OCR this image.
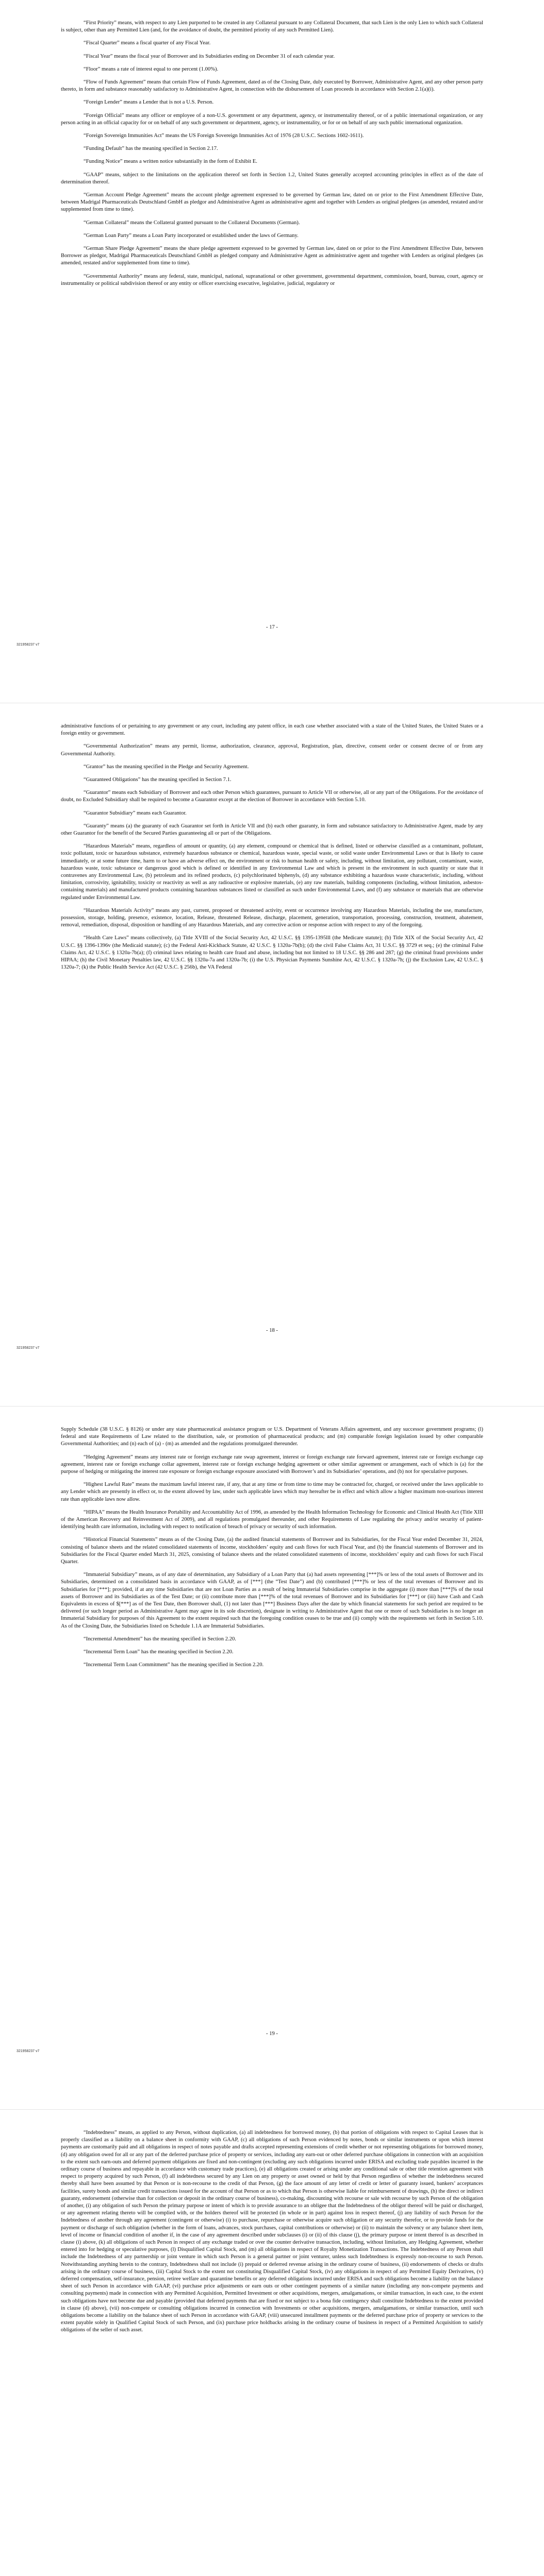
“First Priority” means, with respect to any Lien purported to be created in any Collateral pursuant to any Collateral Document, that such Lien is the only Lien to which such Collateral is subject, other than any Permitted Lien (and, for the avoidance of doubt, the permitted priority of any such Permitted Lien).

“Fiscal Quarter” means a fiscal quarter of any Fiscal Year.

“Fiscal Year” means the fiscal year of Borrower and its Subsidiaries ending on December 31 of each calendar year.

“Floor” means a rate of interest equal to one percent (1.00%).

“Flow of Funds Agreement” means that certain Flow of Funds Agreement, dated as of the Closing Date, duly executed by Borrower, Administrative Agent, and any other person party thereto, in form and substance reasonably satisfactory to Administrative Agent, in connection with the disbursement of Loan proceeds in accordance with Section 2.1(a)(i).

“Foreign Lender” means a Lender that is not a U.S. Person.

“Foreign Official” means any officer or employee of a non-U.S. government or any department, agency, or instrumentality thereof, or of a public international organization, or any person acting in an official capacity for or on behalf of any such government or department, agency, or instrumentality, or for or on behalf of any such public international organization.

“Foreign Sovereign Immunities Act” means the US Foreign Sovereign Immunities Act of 1976 (28 U.S.C. Sections 1602-1611).

“Funding Default” has the meaning specified in Section 2.17.

“Funding Notice” means a written notice substantially in the form of Exhibit E.

“GAAP” means, subject to the limitations on the application thereof set forth in Section 1.2, United States generally accepted accounting principles in effect as of the date of determination thereof.

“German Account Pledge Agreement” means the account pledge agreement expressed to be governed by German law, dated on or prior to the First Amendment Effective Date, between Madrigal Pharmaceuticals Deutschland GmbH as pledgor and Administrative Agent as administrative agent and together with Lenders as original pledgees (as amended, restated and/or supplemented from time to time).

“German Collateral” means the Collateral granted pursuant to the Collateral Documents (German).

“German Loan Party” means a Loan Party incorporated or established under the laws of Germany.

“German Share Pledge Agreement” means the share pledge agreement expressed to be governed by German law, dated on or prior to the First Amendment Effective Date, between Borrower as pledgor, Madrigal Pharmaceuticals Deutschland GmbH as pledged company and Administrative Agent as administrative agent and together with Lenders as original pledgees (as amended, restated and/or supplemented from time to time).

“Governmental Authority” means any federal, state, municipal, national, supranational or other government, governmental department, commission, board, bureau, court, agency or instrumentality or political subdivision thereof or any entity or officer exercising executive, legislative, judicial, regulatory or

- 17 -
321958237 v7

administrative functions of or pertaining to any government or any court, including any patent office, in each case whether associated with a state of the United States, the United States or a foreign entity or government.

“Governmental Authorization” means any permit, license, authorization, clearance, approval, Registration, plan, directive, consent order or consent decree of or from any Governmental Authority.

“Grantor” has the meaning specified in the Pledge and Security Agreement.

“Guaranteed Obligations” has the meaning specified in Section 7.1.

“Guarantor” means each Subsidiary of Borrower and each other Person which guarantees, pursuant to Article VII or otherwise, all or any part of the Obligations. For the avoidance of doubt, no Excluded Subsidiary shall be required to become a Guarantor except at the election of Borrower in accordance with Section 5.10.

“Guarantor Subsidiary” means each Guarantor.

“Guaranty” means (a) the guaranty of each Guarantor set forth in Article VII and (b) each other guaranty, in form and substance satisfactory to Administrative Agent, made by any other Guarantor for the benefit of the Secured Parties guaranteeing all or part of the Obligations.

“Hazardous Materials” means, regardless of amount or quantity, (a) any element, compound or chemical that is defined, listed or otherwise classified as a contaminant, pollutant, toxic pollutant, toxic or hazardous substance, extremely hazardous substance or chemical, hazardous waste, special waste, or solid waste under Environmental Laws or that is likely to cause immediately, or at some future time, harm to or have an adverse effect on, the environment or risk to human health or safety, including, without limitation, any pollutant, contaminant, waste, hazardous waste, toxic substance or dangerous good which is defined or identified in any Environmental Law and which is present in the environment in such quantity or state that it contravenes any Environmental Law, (b) petroleum and its refined products, (c) polychlorinated biphenyls, (d) any substance exhibiting a hazardous waste characteristic, including, without limitation, corrosivity, ignitability, toxicity or reactivity as well as any radioactive or explosive materials, (e) any raw materials, building components (including, without limitation, asbestos-containing materials) and manufactured products containing hazardous substances listed or classified as such under Environmental Laws, and (f) any substance or materials that are otherwise regulated under Environmental Law.

“Hazardous Materials Activity” means any past, current, proposed or threatened activity, event or occurrence involving any Hazardous Materials, including the use, manufacture, possession, storage, holding, presence, existence, location, Release, threatened Release, discharge, placement, generation, transportation, processing, construction, treatment, abatement, removal, remediation, disposal, disposition or handling of any Hazardous Materials, and any corrective action or response action with respect to any of the foregoing.

“Health Care Laws” means collectively, (a) Title XVIII of the Social Security Act, 42 U.S.C. §§ 1395-1395lll (the Medicare statute); (b) Title XIX of the Social Security Act, 42 U.S.C. §§ 1396-1396v (the Medicaid statute); (c) the Federal Anti-Kickback Statute, 42 U.S.C. § 1320a-7b(b); (d) the civil False Claims Act, 31 U.S.C. §§ 3729 et seq.; (e) the criminal False Claims Act, 42 U.S.C. § 1320a-7b(a); (f) criminal laws relating to health care fraud and abuse, including but not limited to 18 U.S.C. §§ 286 and 287; (g) the criminal fraud provisions under HIPAA; (h) the Civil Monetary Penalties law, 42 U.S.C. §§ 1320a-7a and 1320a-7b; (i) the U.S. Physician Payments Sunshine Act, 42 U.S.C. § 1320a-7h; (j) the Exclusion Law, 42 U.S.C. § 1320a-7; (k) the Public Health Service Act (42 U.S.C. § 256b), the VA Federal

- 18 -
321958237 v7

Supply Schedule (38 U.S.C. § 8126) or under any state pharmaceutical assistance program or U.S. Department of Veterans Affairs agreement, and any successor government programs; (l) federal and state Requirements of Law related to the distribution, sale, or promotion of pharmaceutical products; and (m) comparable foreign legislation issued by other comparable Governmental Authorities; and (n) each of (a) - (m) as amended and the regulations promulgated thereunder.

“Hedging Agreement” means any interest rate or foreign exchange rate swap agreement, interest or foreign exchange rate forward agreement, interest rate or foreign exchange cap agreement, interest rate or foreign exchange collar agreement, interest rate or foreign exchange hedging agreement or other similar agreement or arrangement, each of which is (a) for the purpose of hedging or mitigating the interest rate exposure or foreign exchange exposure associated with Borrower’s and its Subsidiaries’ operations, and (b) not for speculative purposes.

“Highest Lawful Rate” means the maximum lawful interest rate, if any, that at any time or from time to time may be contracted for, charged, or received under the laws applicable to any Lender which are presently in effect or, to the extent allowed by law, under such applicable laws which may hereafter be in effect and which allow a higher maximum non-usurious interest rate than applicable laws now allow.

“HIPAA” means the Health Insurance Portability and Accountability Act of 1996, as amended by the Health Information Technology for Economic and Clinical Health Act (Title XIII of the American Recovery and Reinvestment Act of 2009), and all regulations promulgated thereunder, and other Requirements of Law regulating the privacy and/or security of patient-identifying health care information, including with respect to notification of breach of privacy or security of such information.

“Historical Financial Statements” means as of the Closing Date, (a) the audited financial statements of Borrower and its Subsidiaries, for the Fiscal Year ended December 31, 2024, consisting of balance sheets and the related consolidated statements of income, stockholders’ equity and cash flows for such Fiscal Year, and (b) the financial statements of Borrower and its Subsidiaries for the Fiscal Quarter ended March 31, 2025, consisting of balance sheets and the related consolidated statements of income, stockholders’ equity and cash flows for such Fiscal Quarter.

“Immaterial Subsidiary” means, as of any date of determination, any Subsidiary of a Loan Party that (a) had assets representing [***]% or less of the total assets of Borrower and its Subsidiaries, determined on a consolidated basis in accordance with GAAP, as of [***] (the “Test Date”) and (b) contributed [***]% or less of the total revenues of Borrower and its Subsidiaries for [***]; provided, if at any time Subsidiaries that are not Loan Parties as a result of being Immaterial Subsidiaries comprise in the aggregate (i) more than [***]% of the total assets of Borrower and its Subsidiaries as of the Test Date; or (ii) contribute more than [***]% of the total revenues of Borrower and its Subsidiaries for [***] or (iii) have Cash and Cash Equivalents in excess of $[***] as of the Test Date, then Borrower shall, (1) not later than [***] Business Days after the date by which financial statements for such period are required to be delivered (or such longer period as Administrative Agent may agree in its sole discretion), designate in writing to Administrative Agent that one or more of such Subsidiaries is no longer an Immaterial Subsidiary for purposes of this Agreement to the extent required such that the foregoing condition ceases to be true and (ii) comply with the requirements set forth in Section 5.10. As of the Closing Date, the Subsidiaries listed on Schedule 1.1A are Immaterial Subsidiaries.

“Incremental Amendment” has the meaning specified in Section 2.20.

“Incremental Term Loan” has the meaning specified in Section 2.20.

“Incremental Term Loan Commitment” has the meaning specified in Section 2.20.

- 19 -
321958237 v7

“Indebtedness” means, as applied to any Person, without duplication, (a) all indebtedness for borrowed money, (b) that portion of obligations with respect to Capital Leases that is properly classified as a liability on a balance sheet in conformity with GAAP, (c) all obligations of such Person evidenced by notes, bonds or similar instruments or upon which interest payments are customarily paid and all obligations in respect of notes payable and drafts accepted representing extensions of credit whether or not representing obligations for borrowed money, (d) any obligation owed for all or any part of the deferred purchase price of property or services, including any earn-out or other deferred purchase obligations in connection with an acquisition to the extent such earn-outs and deferred payment obligations are fixed and non-contingent (excluding any such obligations incurred under ERISA and excluding trade payables incurred in the ordinary course of business and repayable in accordance with customary trade practices), (e) all obligations created or arising under any conditional sale or other title retention agreement with respect to property acquired by such Person, (f) all indebtedness secured by any Lien on any property or asset owned or held by that Person regardless of whether the indebtedness secured thereby shall have been assumed by that Person or is non-recourse to the credit of that Person, (g) the face amount of any letter of credit or letter of guaranty issued, bankers’ acceptances facilities, surety bonds and similar credit transactions issued for the account of that Person or as to which that Person is otherwise liable for reimbursement of drawings, (h) the direct or indirect guaranty, endorsement (otherwise than for collection or deposit in the ordinary course of business), co-making, discounting with recourse or sale with recourse by such Person of the obligation of another, (i) any obligation of such Person the primary purpose or intent of which is to provide assurance to an obligee that the Indebtedness of the obligor thereof will be paid or discharged, or any agreement relating thereto will be complied with, or the holders thereof will be protected (in whole or in part) against loss in respect thereof, (j) any liability of such Person for the Indebtedness of another through any agreement (contingent or otherwise) (i) to purchase, repurchase or otherwise acquire such obligation or any security therefor, or to provide funds for the payment or discharge of such obligation (whether in the form of loans, advances, stock purchases, capital contributions or otherwise) or (ii) to maintain the solvency or any balance sheet item, level of income or financial condition of another if, in the case of any agreement described under subclauses (i) or (ii) of this clause (j), the primary purpose or intent thereof is as described in clause (i) above, (k) all obligations of such Person in respect of any exchange traded or over the counter derivative transaction, including, without limitation, any Hedging Agreement, whether entered into for hedging or speculative purposes, (l) Disqualified Capital Stock, and (m) all obligations in respect of Royalty Monetization Transactions. The Indebtedness of any Person shall include the Indebtedness of any partnership or joint venture in which such Person is a general partner or joint venturer, unless such Indebtedness is expressly non-recourse to such Person. Notwithstanding anything herein to the contrary, Indebtedness shall not include (i) prepaid or deferred revenue arising in the ordinary course of business, (ii) endorsements of checks or drafts arising in the ordinary course of business, (iii) Capital Stock to the extent not constituting Disqualified Capital Stock, (iv) any obligations in respect of any Permitted Equity Derivatives, (v) deferred compensation, self-insurance, pension, retiree welfare and quarantine benefits or any deferred obligations incurred under ERISA and such obligations become a liability on the balance sheet of such Person in accordance with GAAP, (vi) purchase price adjustments or earn outs or other contingent payments of a similar nature (including any non-compete payments and consulting payments) made in connection with any Permitted Acquisition, Permitted Investment or other acquisitions, mergers, amalgamations, or similar transaction, in each case, to the extent such obligations have not become due and payable (provided that deferred payments that are fixed or not subject to a bona fide contingency shall constitute Indebtedness to the extent provided in clause (d) above), (vii) non-compete or consulting obligations incurred in connection with Investments or other acquisitions, mergers, amalgamations, or similar transaction, until such obligations become a liability on the balance sheet of such Person in accordance with GAAP, (viii) unsecured installment payments or the deferred purchase price of property or services to the extent payable solely in Qualified Capital Stock of such Person, and (ix) purchase price holdbacks arising in the ordinary course of business in respect of a Permitted Acquisition to satisfy obligations of the seller of such asset.
